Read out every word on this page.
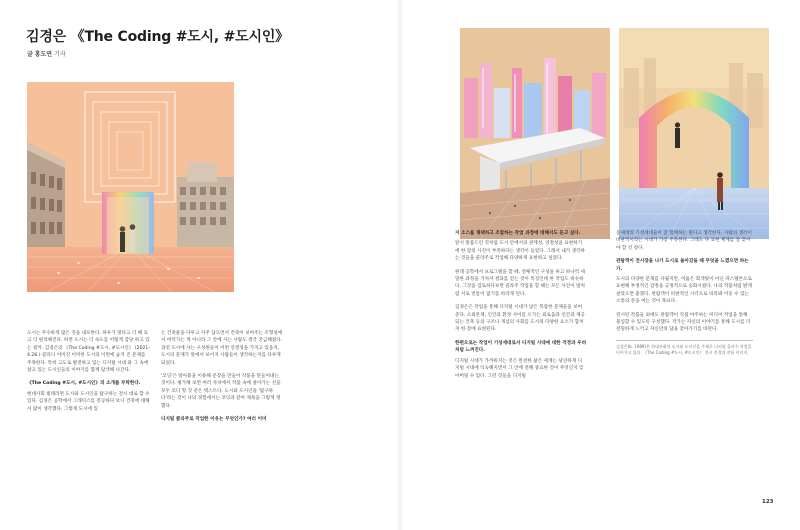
김경은 《The Coding #도시, #도시인》
글 홍도연 기자

도시는 무수하게 많은 것을 내포한다. 하루가 멀다고 더 해 료고 더 편리해진다. 하면 도시는 더 속도를 어떻게 감당 하고 있는 걸까. 김경은의 《The Coding #도시, #도시인》 (2021-4.28.) 콜라디 이미진 이미한 도시의 이면에 숨겨 진 문제를 주목한다. 특히 고도로 발전하고 있는 디지털 시대 와 그 속에 살고 있는 도시인들의 이야기를 함께 탐색해 나간다.

《The Coding #도시, #도시인》의 소개를 부탁한다.

현대사회 빌래라면 도시와 도시인을 탐구하는 전시 대로 할 수 있다. 김경은 공학에서 그래픽스를 전공하다 보니 건축에 대해서 많이 생각했다. 그렇게 도시에 있

는 건축물을 다루고 자주 답으면서 건축이 보여주는 조형성에서 여러가는 게 아니라 그 안에 사는 사람도 결국 궁금해졌다. 과연 도시에 사는 구성원들이 어떤 연결성을 가지고 있을지, 도시의 문제가 앞에서 보이지 사람들이 생각하는지를 다루게 되었다.

'코딩'은 알아붙을 이용해 문장을 만들어 작품을 만들어내는 것이다. 평가해 보면 여러 자치에서 작품 속에 살아가는 선을 모두 코디 형 것 같은 텍스트다. 도시와 도시인을 '탐구하다'라는 것이 나의 경험에서는 코딩과 같아 제목을 그렇게 정했다.

디지털 콜라주로 작업한 이유는 무엇인가? 여러 이미

지 소스를 채택하고 조합하는 작업 과정에 대해서도 듣고 싶다.

앞서 말씀드린 것처럼 도시 안에서의 관계성, 연결성을 표현하기에 한 장의 사진이 부족하다는 생각이 들었다. 그래서 내가 생각하는 것들을 콜라주로 작업해 다양하게 표현하고 싶었다.

원래 공학에서 프로그램을 할 때, 전체적인 구성을 하고 하나씩 세밀한 과정을 거쳐서 결과를 얻는 것이 특징인데 한 작업도 비슷하다. 그것을 검토하다보면 콜라주 작업을 할 때는 모든 사진이 밤처럼 서로 빈틈이 없기를 바라게 된다.

김경은은 작업을 통해 디지털 시대가 낳은 복잡한 문제들을 보여준다. 소외문제, 인간과 환경 사이를 오가는 외로움과 인간과 제공되는 건축 등의 구조나 개념의 사회를 도시의 다양한 요소가 합쳐져 한 장에 표현된다.

한편으로는 작업이 기성세대로서 디지털 시대에 대한 걱정과 우려처럼 느껴진다.

디지털 시대가 가까워지는 것은 완전한 삶은 세계는 당연하게 디지털 시대에 익숙해지면서 그 안에 전해 중요한 것이 무엇인지 잊어버릴 수 있다. 그런 것들을 디지털

동세대의 기성세대들이 잘 함께하는 원다고 생각한다. 사람의 생각이 비판적이라는 시대가 가장 주목한다. 그래도 다 표현 체계를 잘 찾아야 할 것 같다.

관람객이 전시장을 나가 도시로 돌아갔을 때 무엇을 느꼈으면 하는가.

도시의 다양한 문제를 다뤘지만, 어둡은 회색빛이 아닌 파스텔톤으로 표현해 부정적인 감정을 긍정적으로 승화시켰다. 나의 작품처럼 밝게 살았으면 좋겠다. 관람객이 비판적인 시각으로 바라봐 이동 수 있는 소통의 문을 여는 것이 목표다.

전시된 작품들 외에도 관람객이 직접 마주하는 미디어 작업을 통해 몰입할 수 있도록 구성했다. 작가는 자신의 이야기를 통해 도시를 더 친밀하게 느끼고 자신만의 답을 찾아가기를 바란다.

김경은(b. 1989)은 현대사회의 도시와 도시인을 주제로 디지털 콜라주 작업을 이어가고 있다. 《The Coding #도시, #도시인》 전시 전경과 작품 이미지.
123
